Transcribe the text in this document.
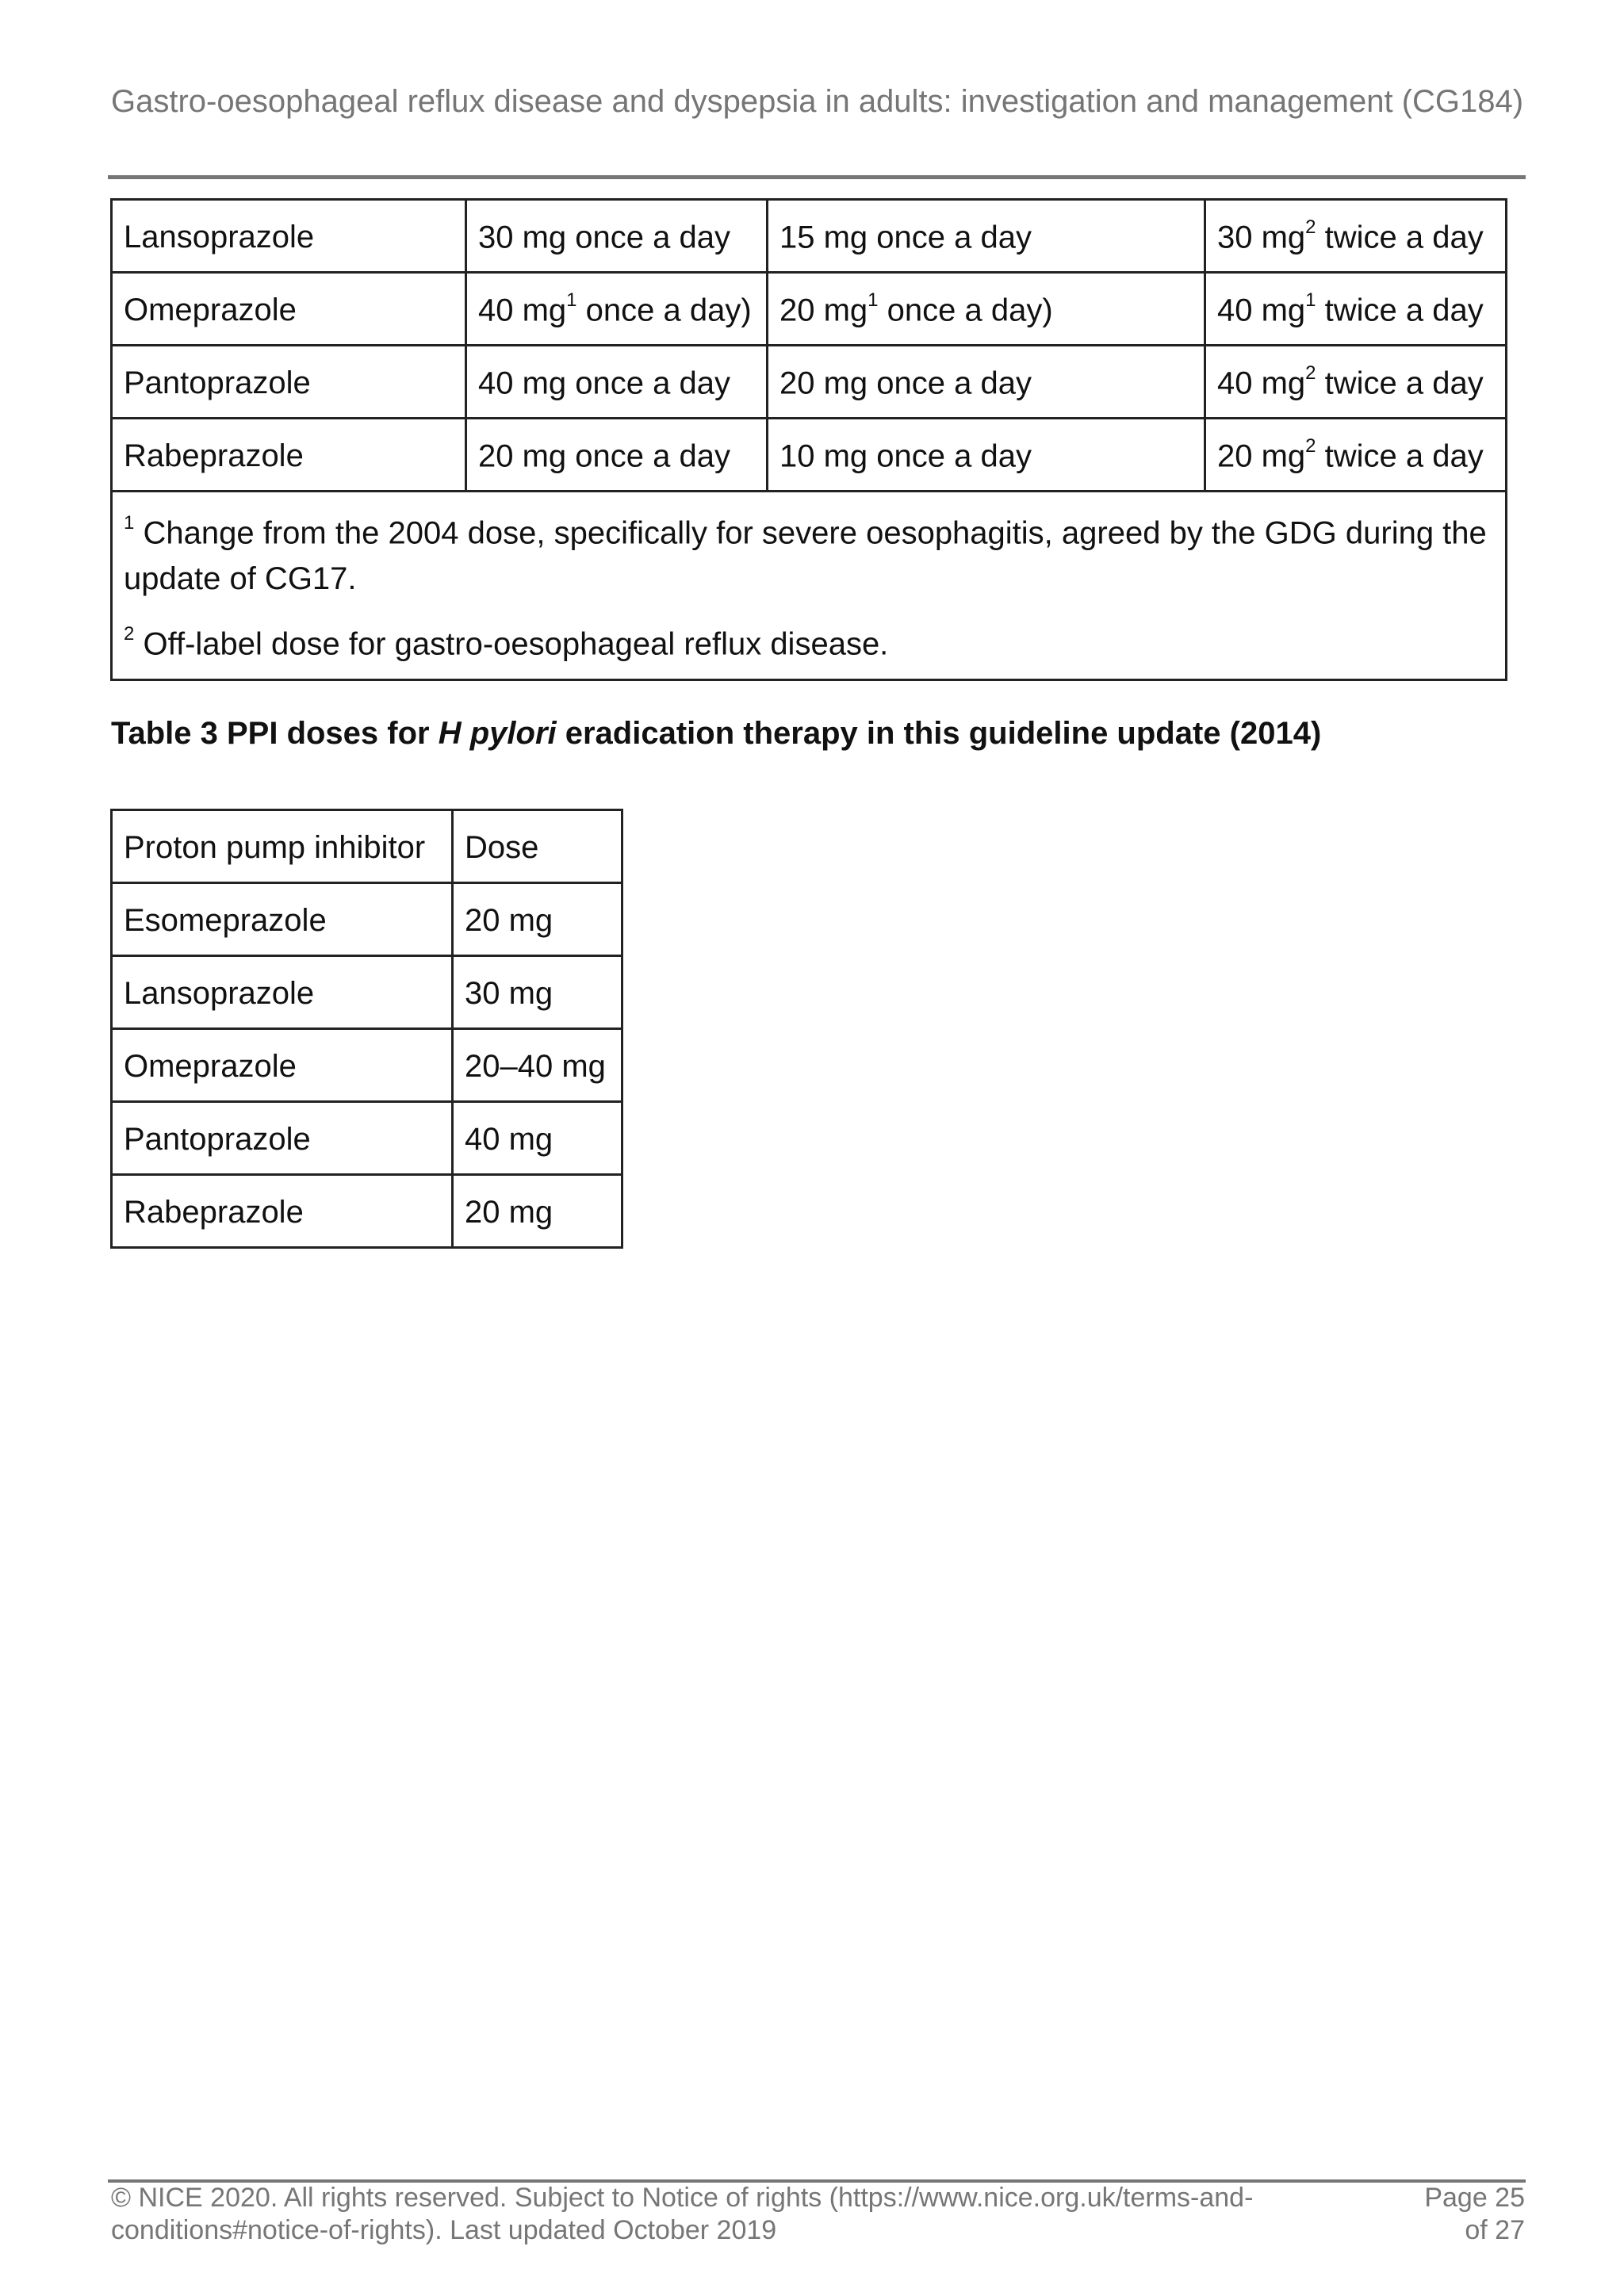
Gastro-oesophageal reflux disease and dyspepsia in adults: investigation and management (CG184)
Lansoprazole	30 mg once a day	15 mg once a day	30 $mg^2$ twice a day
Omeprazole	40 $mg^1$ once a day)	20 $mg^1$ once a day)	40 $mg^1$ twice a day
Pantoprazole	40 mg once a day	20 mg once a day	40 $mg^2$ twice a day
Rabeprazole	20 mg once a day	10 mg once a day	20 $mg^2$ twice a day

$^1$ Change from the 2004 dose, specifically for severe oesophagitis, agreed by the GDG during the update of CG17.
$^2$ Off-label dose for gastro-oesophageal reflux disease.			
Table 3 PPI doses for H pylori eradication therapy in this guideline update (2014)
Proton pump inhibitor	Dose
Esomeprazole	20 mg
Lansoprazole	30 mg
Omeprazole	20–40 mg
Pantoprazole	40 mg
Rabeprazole	20 mg
© NICE 2020. All rights reserved. Subject to Notice of rights (https://www.nice.org.uk/terms-and-
conditions#notice-of-rights). Last updated October 2019
Page 25
of 27
